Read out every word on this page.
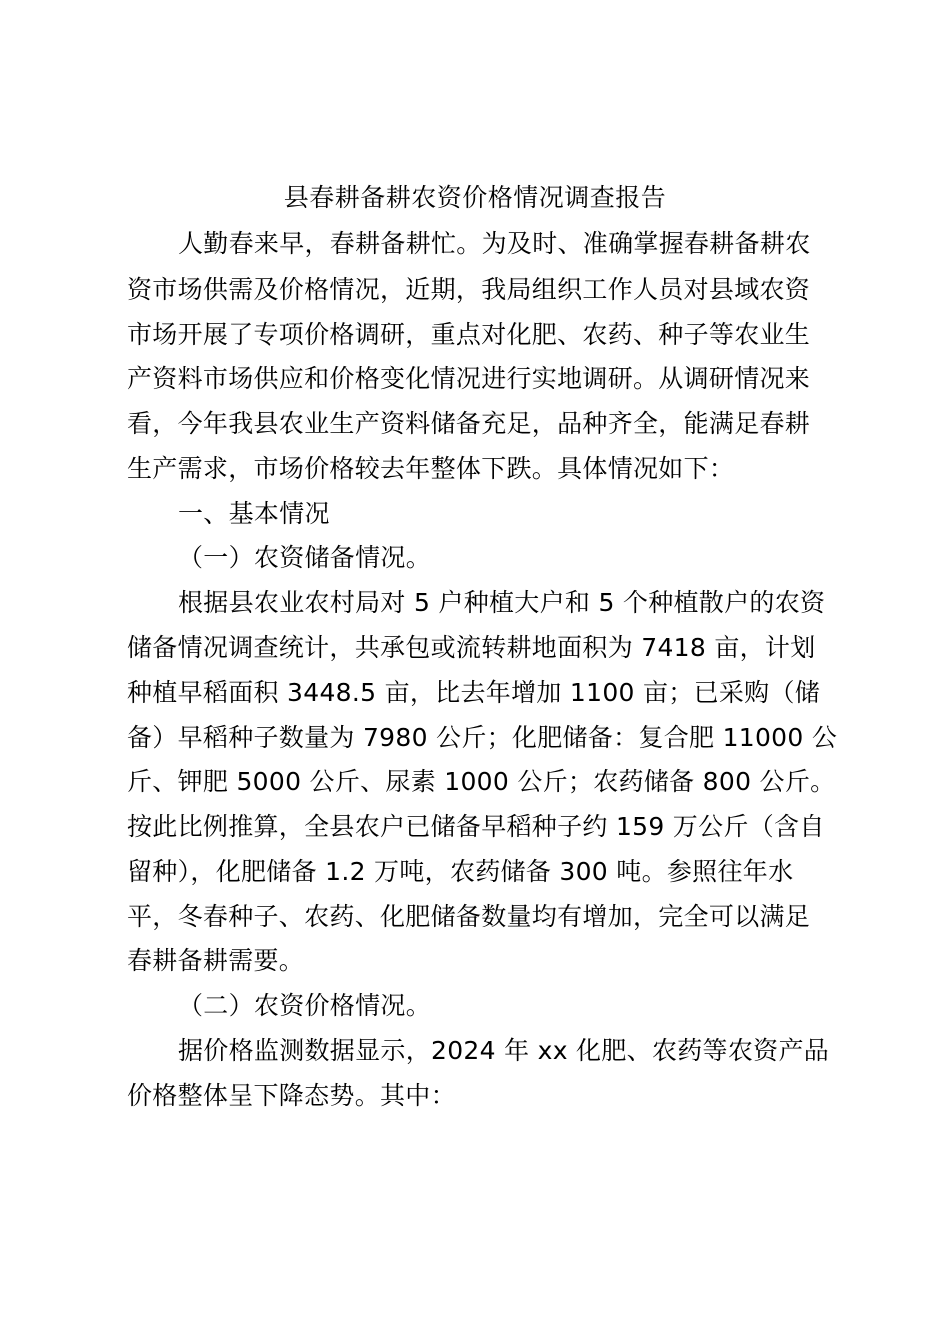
县春耕备耕农资价格情况调查报告
人勤春来早，春耕备耕忙。为及时、准确掌握春耕备耕农
资市场供需及价格情况，近期，我局组织工作人员对县域农资
市场开展了专项价格调研，重点对化肥、农药、种子等农业生
产资料市场供应和价格变化情况进行实地调研。从调研情况来
看，今年我县农业生产资料储备充足，品种齐全，能满足春耕
生产需求，市场价格较去年整体下跌。具体情况如下：
一、基本情况
（一）农资储备情况。
根据县农业农村局对 5 户种植大户和 5 个种植散户的农资
储备情况调查统计，共承包或流转耕地面积为 7418 亩，计划
种植早稻面积 3448.5 亩，比去年增加 1100 亩；已采购（储
备）早稻种子数量为 7980 公斤；化肥储备：复合肥 11000 公
斤、钾肥 5000 公斤、尿素 1000 公斤；农药储备 800 公斤。
按此比例推算，全县农户已储备早稻种子约 159 万公斤（含自
留种），化肥储备 1.2 万吨，农药储备 300 吨。参照往年水
平，冬春种子、农药、化肥储备数量均有增加，完全可以满足
春耕备耕需要。
（二）农资价格情况。
据价格监测数据显示，2024 年 xx 化肥、农药等农资产品
价格整体呈下降态势。其中：
